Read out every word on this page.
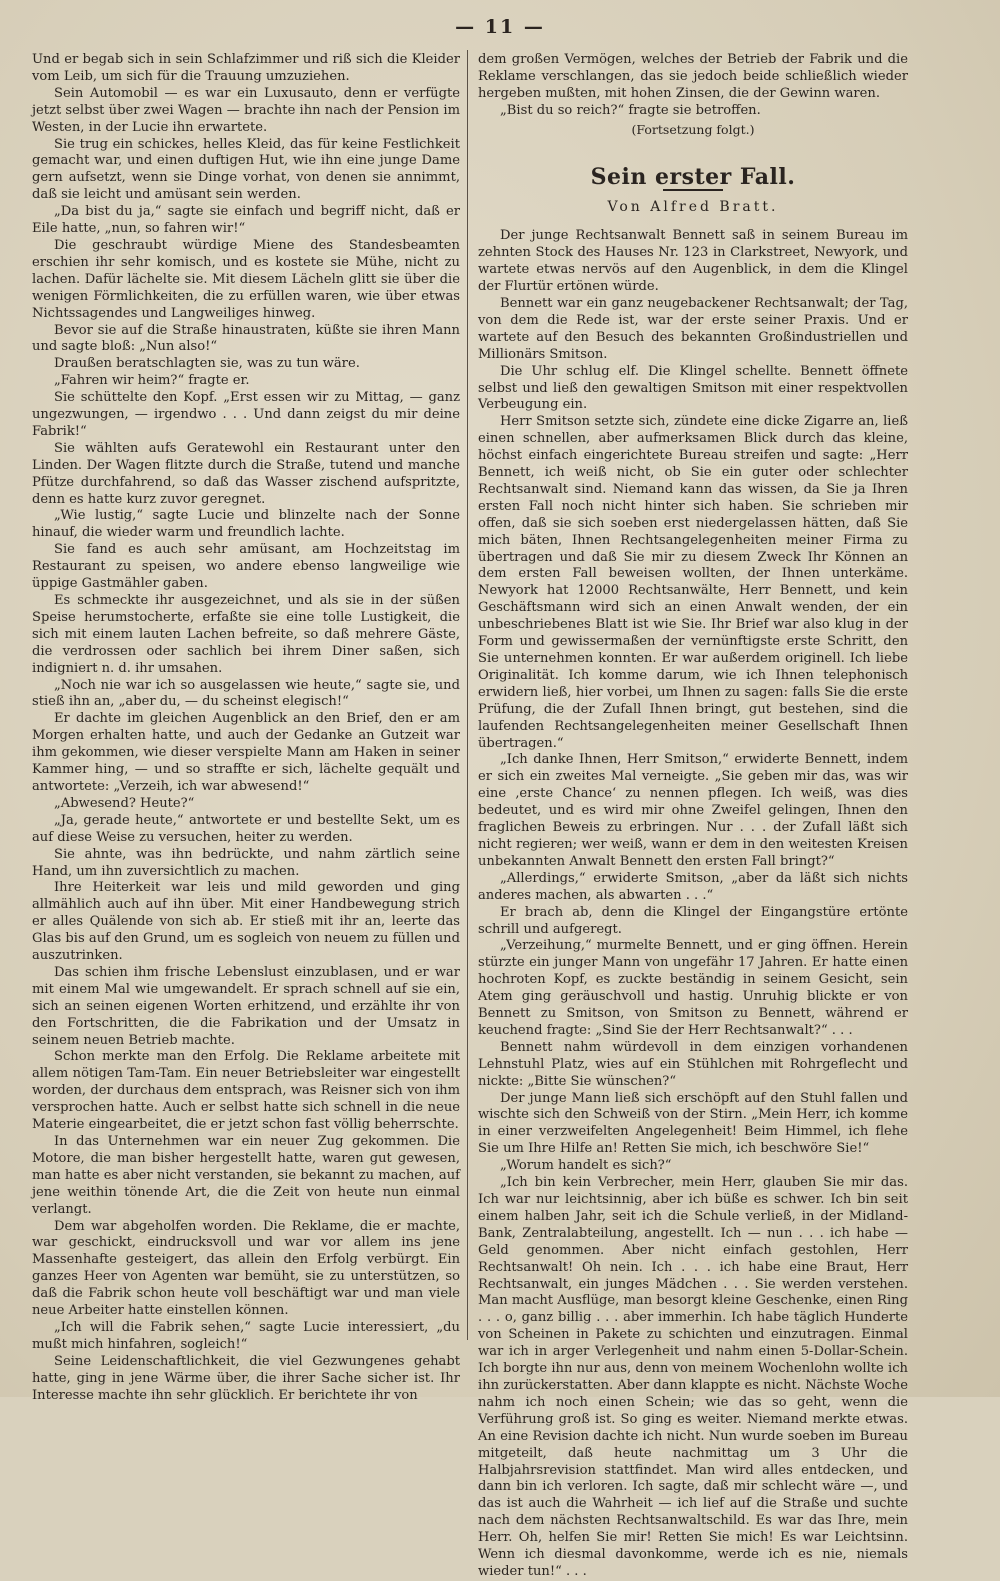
— 11 —

Und er begab sich in sein Schlafzimmer und riß sich die Kleider vom Leib, um sich für die Trauung umzuziehen.

Sein Automobil — es war ein Luxusauto, denn er verfügte jetzt selbst über zwei Wagen — brachte ihn nach der Pension im Westen, in der Lucie ihn erwartete.

Sie trug ein schickes, helles Kleid, das für keine Festlichkeit gemacht war, und einen duftigen Hut, wie ihn eine junge Dame gern aufsetzt, wenn sie Dinge vorhat, von denen sie annimmt, daß sie leicht und amüsant sein werden.

„Da bist du ja,“ sagte sie einfach und begriff nicht, daß er Eile hatte, „nun, so fahren wir!“

Die geschraubt würdige Miene des Standesbeamten erschien ihr sehr komisch, und es kostete sie Mühe, nicht zu lachen. Dafür lächelte sie. Mit diesem Lächeln glitt sie über die wenigen Förmlichkeiten, die zu erfüllen waren, wie über etwas Nichtssagendes und Langweiliges hinweg.

Bevor sie auf die Straße hinaustraten, küßte sie ihren Mann und sagte bloß: „Nun also!“

Draußen beratschlagten sie, was zu tun wäre.

„Fahren wir heim?“ fragte er.

Sie schüttelte den Kopf. „Erst essen wir zu Mittag, — ganz ungezwungen, — irgendwo . . . Und dann zeigst du mir deine Fabrik!“

Sie wählten aufs Geratewohl ein Restaurant unter den Linden. Der Wagen flitzte durch die Straße, tutend und manche Pfütze durchfahrend, so daß das Wasser zischend aufspritzte, denn es hatte kurz zuvor geregnet.

„Wie lustig,“ sagte Lucie und blinzelte nach der Sonne hinauf, die wieder warm und freundlich lachte.

Sie fand es auch sehr amüsant, am Hochzeitstag im Restaurant zu speisen, wo andere ebenso langweilige wie üppige Gastmähler gaben.

Es schmeckte ihr ausgezeichnet, und als sie in der süßen Speise herumstocherte, erfaßte sie eine tolle Lustigkeit, die sich mit einem lauten Lachen befreite, so daß mehrere Gäste, die verdrossen oder sachlich bei ihrem Diner saßen, sich indigniert n. d. ihr umsahen.

„Noch nie war ich so ausgelassen wie heute,“ sagte sie, und stieß ihn an, „aber du, — du scheinst elegisch!“

Er dachte im gleichen Augenblick an den Brief, den er am Morgen erhalten hatte, und auch der Gedanke an Gutzeit war ihm gekommen, wie dieser verspielte Mann am Haken in seiner Kammer hing, — und so straffte er sich, lächelte gequält und antwortete: „Verzeih, ich war abwesend!“

„Abwesend? Heute?“

„Ja, gerade heute,“ antwortete er und bestellte Sekt, um es auf diese Weise zu versuchen, heiter zu werden.

Sie ahnte, was ihn bedrückte, und nahm zärtlich seine Hand, um ihn zuversichtlich zu machen.

Ihre Heiterkeit war leis und mild geworden und ging allmählich auch auf ihn über. Mit einer Handbewegung strich er alles Quälende von sich ab. Er stieß mit ihr an, leerte das Glas bis auf den Grund, um es sogleich von neuem zu füllen und auszutrinken.

Das schien ihm frische Lebenslust einzublasen, und er war mit einem Mal wie umgewandelt. Er sprach schnell auf sie ein, sich an seinen eigenen Worten erhitzend, und erzählte ihr von den Fortschritten, die die Fabrikation und der Umsatz in seinem neuen Betrieb machte.

Schon merkte man den Erfolg. Die Reklame arbeitete mit allem nötigen Tam-Tam. Ein neuer Betriebsleiter war eingestellt worden, der durchaus dem entsprach, was Reisner sich von ihm versprochen hatte. Auch er selbst hatte sich schnell in die neue Materie eingearbeitet, die er jetzt schon fast völlig beherrschte.

In das Unternehmen war ein neuer Zug gekommen. Die Motore, die man bisher hergestellt hatte, waren gut gewesen, man hatte es aber nicht verstanden, sie bekannt zu machen, auf jene weithin tönende Art, die die Zeit von heute nun einmal verlangt.

Dem war abgeholfen worden. Die Reklame, die er machte, war geschickt, eindrucksvoll und war vor allem ins jene Massenhafte gesteigert, das allein den Erfolg verbürgt. Ein ganzes Heer von Agenten war bemüht, sie zu unterstützen, so daß die Fabrik schon heute voll beschäftigt war und man viele neue Arbeiter hatte einstellen können.

„Ich will die Fabrik sehen,“ sagte Lucie interessiert, „du mußt mich hinfahren, sogleich!“

Seine Leidenschaftlichkeit, die viel Gezwungenes gehabt hatte, ging in jene Wärme über, die ihrer Sache sicher ist. Ihr Interesse machte ihn sehr glücklich. Er berichtete ihr von

dem großen Vermögen, welches der Betrieb der Fabrik und die Reklame verschlangen, das sie jedoch beide schließlich wieder hergeben mußten, mit hohen Zinsen, die der Gewinn waren.

„Bist du so reich?“ fragte sie betroffen.

(Fortsetzung folgt.)
Sein erster Fall.
Von Alfred Bratt.

Der junge Rechtsanwalt Bennett saß in seinem Bureau im zehnten Stock des Hauses Nr. 123 in Clarkstreet, Newyork, und wartete etwas nervös auf den Augenblick, in dem die Klingel der Flurtür ertönen würde.

Bennett war ein ganz neugebackener Rechtsanwalt; der Tag, von dem die Rede ist, war der erste seiner Praxis. Und er wartete auf den Besuch des bekannten Großindustriellen und Millionärs Smitson.

Die Uhr schlug elf. Die Klingel schellte. Bennett öffnete selbst und ließ den gewaltigen Smitson mit einer respektvollen Verbeugung ein.

Herr Smitson setzte sich, zündete eine dicke Zigarre an, ließ einen schnellen, aber aufmerksamen Blick durch das kleine, höchst einfach eingerichtete Bureau streifen und sagte: „Herr Bennett, ich weiß nicht, ob Sie ein guter oder schlechter Rechtsanwalt sind. Niemand kann das wissen, da Sie ja Ihren ersten Fall noch nicht hinter sich haben. Sie schrieben mir offen, daß sie sich soeben erst niedergelassen hätten, daß Sie mich bäten, Ihnen Rechtsangelegenheiten meiner Firma zu übertragen und daß Sie mir zu diesem Zweck Ihr Können an dem ersten Fall beweisen wollten, der Ihnen unterkäme. Newyork hat 12000 Rechtsanwälte, Herr Bennett, und kein Geschäftsmann wird sich an einen Anwalt wenden, der ein unbeschriebenes Blatt ist wie Sie. Ihr Brief war also klug in der Form und gewissermaßen der vernünftigste erste Schritt, den Sie unternehmen konnten. Er war außerdem originell. Ich liebe Originalität. Ich komme darum, wie ich Ihnen telephonisch erwidern ließ, hier vorbei, um Ihnen zu sagen: falls Sie die erste Prüfung, die der Zufall Ihnen bringt, gut bestehen, sind die laufenden Rechtsangelegenheiten meiner Gesellschaft Ihnen übertragen.“

„Ich danke Ihnen, Herr Smitson,“ erwiderte Bennett, indem er sich ein zweites Mal verneigte. „Sie geben mir das, was wir eine ‚erste Chance‘ zu nennen pflegen. Ich weiß, was dies bedeutet, und es wird mir ohne Zweifel gelingen, Ihnen den fraglichen Beweis zu erbringen. Nur . . . der Zufall läßt sich nicht regieren; wer weiß, wann er dem in den weitesten Kreisen unbekannten Anwalt Bennett den ersten Fall bringt?“

„Allerdings,“ erwiderte Smitson, „aber da läßt sich nichts anderes machen, als abwarten . . .“

Er brach ab, denn die Klingel der Eingangstüre ertönte schrill und aufgeregt.

„Verzeihung,“ murmelte Bennett, und er ging öffnen. Herein stürzte ein junger Mann von ungefähr 17 Jahren. Er hatte einen hochroten Kopf, es zuckte beständig in seinem Gesicht, sein Atem ging geräuschvoll und hastig. Unruhig blickte er von Bennett zu Smitson, von Smitson zu Bennett, während er keuchend fragte: „Sind Sie der Herr Rechtsanwalt?“ . . .

Bennett nahm würdevoll in dem einzigen vorhandenen Lehnstuhl Platz, wies auf ein Stühlchen mit Rohrgeflecht und nickte: „Bitte Sie wünschen?“

Der junge Mann ließ sich erschöpft auf den Stuhl fallen und wischte sich den Schweiß von der Stirn. „Mein Herr, ich komme in einer verzweifelten Angelegenheit! Beim Himmel, ich flehe Sie um Ihre Hilfe an! Retten Sie mich, ich beschwöre Sie!“

„Worum handelt es sich?“

„Ich bin kein Verbrecher, mein Herr, glauben Sie mir das. Ich war nur leichtsinnig, aber ich büße es schwer. Ich bin seit einem halben Jahr, seit ich die Schule verließ, in der Midland-Bank, Zentralabteilung, angestellt. Ich — nun . . . ich habe — Geld genommen. Aber nicht einfach gestohlen, Herr Rechtsanwalt! Oh nein. Ich . . . ich habe eine Braut, Herr Rechtsanwalt, ein junges Mädchen . . . Sie werden verstehen. Man macht Ausflüge, man besorgt kleine Geschenke, einen Ring . . . o, ganz billig . . . aber immerhin. Ich habe täglich Hunderte von Scheinen in Pakete zu schichten und einzutragen. Einmal war ich in arger Verlegenheit und nahm einen 5-Dollar-Schein. Ich borgte ihn nur aus, denn von meinem Wochenlohn wollte ich ihn zurückerstatten. Aber dann klappte es nicht. Nächste Woche nahm ich noch einen Schein; wie das so geht, wenn die Verführung groß ist. So ging es weiter. Niemand merkte etwas. An eine Revision dachte ich nicht. Nun wurde soeben im Bureau mitgeteilt, daß heute nachmittag um 3 Uhr die Halbjahrsrevision stattfindet. Man wird alles entdecken, und dann bin ich verloren. Ich sagte, daß mir schlecht wäre —, und das ist auch die Wahrheit — ich lief auf die Straße und suchte nach dem nächsten Rechtsanwaltschild. Es war das Ihre, mein Herr. Oh, helfen Sie mir! Retten Sie mich! Es war Leichtsinn. Wenn ich diesmal davonkomme, werde ich es nie, niemals wieder tun!“ . . .
